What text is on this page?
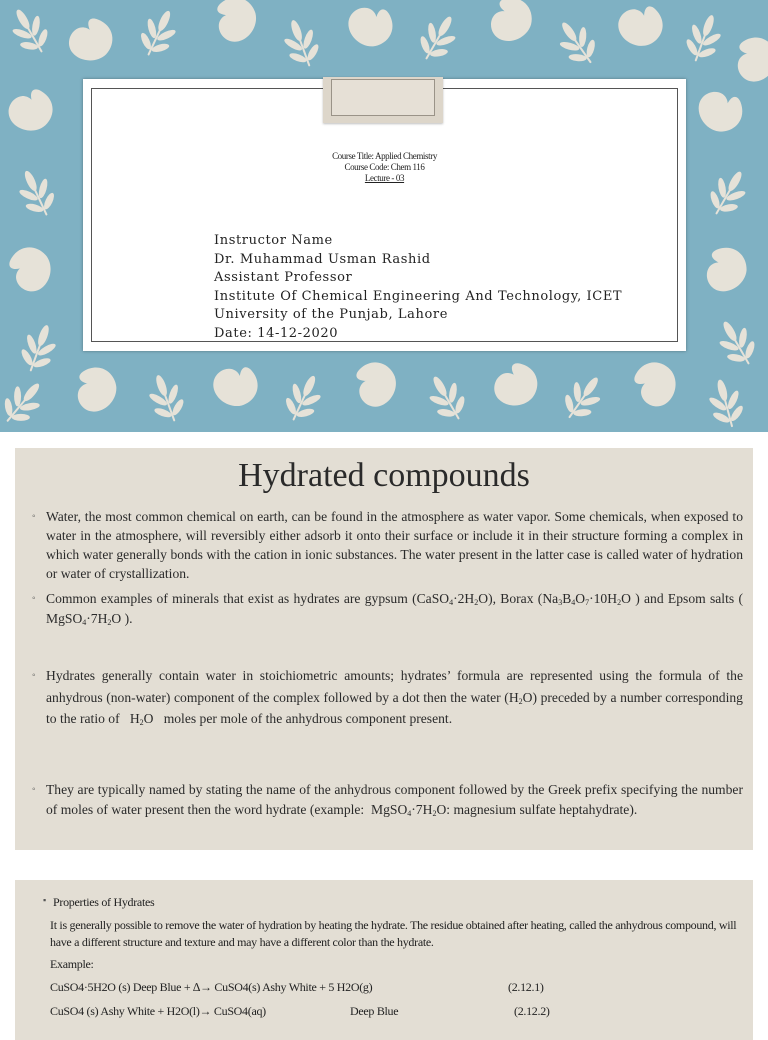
Course Title: Applied Chemistry
Course Code: Chem 116
Lecture - 03
Instructor Name
Dr. Muhammad Usman Rashid
Assistant Professor
Institute Of Chemical Engineering And Technology, ICET
University of the Punjab, Lahore
Date: 14-12-2020
Hydrated compounds
◦ Water, the most common chemical on earth, can be found in the atmosphere as water vapor. Some chemicals, when exposed to water in the atmosphere, will reversibly either adsorb it onto their surface or include it in their structure forming a complex in which water generally bonds with the cation in ionic substances. The water present in the latter case is called water of hydration or water of crystallization.
◦ Common examples of minerals that exist as hydrates are gypsum $(CaSO_4\cdot 2H_2O)$, Borax ($Na_3B_4O_7\cdot 10H_2O$ ) and Epsom salts ( $MgSO_4\cdot 7H_2O$ ).
◦ Hydrates generally contain water in stoichiometric amounts; hydrates’ formula are represented using the formula of the anhydrous (non-water) component of the complex followed by a dot then the water $(H_2O)$ preceded by a number corresponding to the ratio of $H_2O$ moles per mole of the anhydrous component present.
◦ They are typically named by stating the name of the anhydrous component followed by the Greek prefix specifying the number of moles of water present then the word hydrate (example: $MgSO_4\cdot 7H_2O$: magnesium sulfate heptahydrate).
▪ Properties of Hydrates
It is generally possible to remove the water of hydration by heating the hydrate. The residue obtained after heating, called the anhydrous compound, will have a different structure and texture and may have a different color than the hydrate.
Example:
CuSO4·5H2O (s) Deep Blue + ∆→ CuSO4(s) Ashy White + 5 H2O(g)	(2.12.1)
CuSO4 (s) Ashy White + H2O(l)→ CuSO4(aq)	Deep Blue	(2.12.2)
